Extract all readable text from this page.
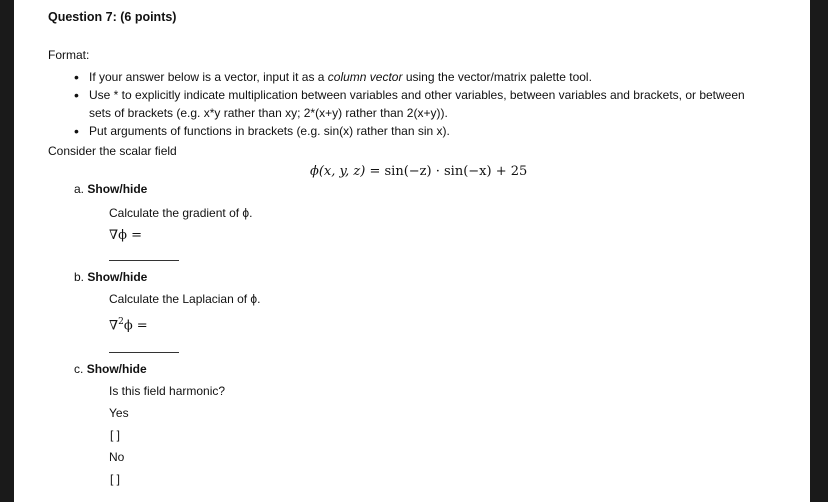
Question 7: (6 points)
Format:
• If your answer below is a vector, input it as a column vector using the vector/matrix palette tool.
• Use * to explicitly indicate multiplication between variables and other variables, between variables and brackets, or between
sets of brackets (e.g. x*y rather than xy; 2*(x+y) rather than 2(x+y)).
• Put arguments of functions in brackets (e.g. sin(x) rather than sin x).
Consider the scalar field
ϕ(x, y, z) = sin(−z) · sin(−x) + 25
a. Show/hide
Calculate the gradient of ϕ.
∇ϕ =
b. Show/hide
Calculate the Laplacian of ϕ.
∇$^2$ϕ =
c. Show/hide
Is this field harmonic?
Yes
[ ]
No
[ ]
